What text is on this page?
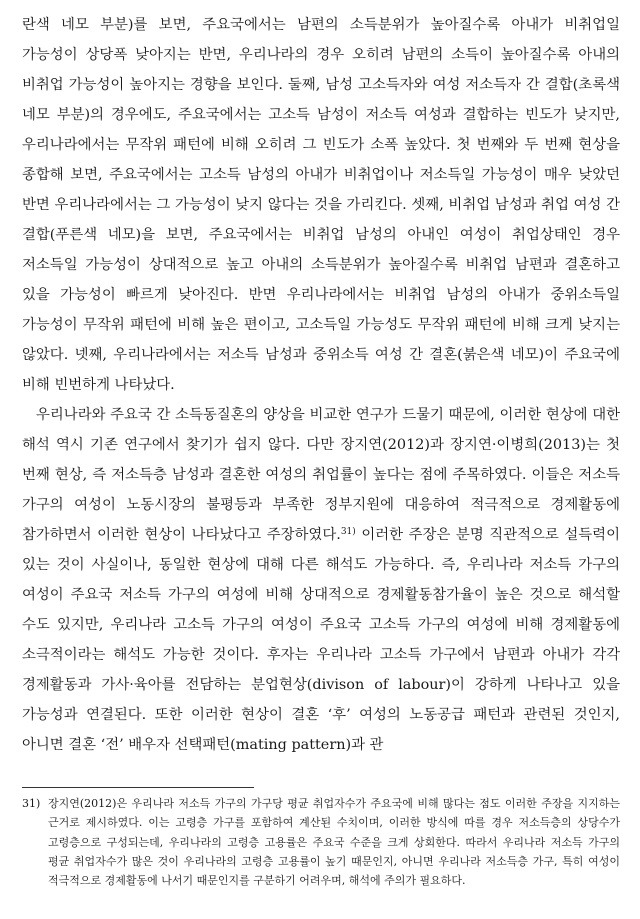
란색 네모 부분)를 보면, 주요국에서는 남편의 소득분위가 높아질수록 아내가 비취업일 가능성이 상당폭 낮아지는 반면, 우리나라의 경우 오히려 남편의 소득이 높아질수록 아내의 비취업 가능성이 높아지는 경향을 보인다. 둘째, 남성 고소득자와 여성 저소득자 간 결합(초록색 네모 부분)의 경우에도, 주요국에서는 고소득 남성이 저소득 여성과 결합하는 빈도가 낮지만, 우리나라에서는 무작위 패턴에 비해 오히려 그 빈도가 소폭 높았다. 첫 번째와 두 번째 현상을 종합해 보면, 주요국에서는 고소득 남성의 아내가 비취업이나 저소득일 가능성이 매우 낮았던 반면 우리나라에서는 그 가능성이 낮지 않다는 것을 가리킨다. 셋째, 비취업 남성과 취업 여성 간 결합(푸른색 네모)을 보면, 주요국에서는 비취업 남성의 아내인 여성이 취업상태인 경우 저소득일 가능성이 상대적으로 높고 아내의 소득분위가 높아질수록 비취업 남편과 결혼하고 있을 가능성이 빠르게 낮아진다. 반면 우리나라에서는 비취업 남성의 아내가 중위소득일 가능성이 무작위 패턴에 비해 높은 편이고, 고소득일 가능성도 무작위 패턴에 비해 크게 낮지는 않았다. 넷째, 우리나라에서는 저소득 남성과 중위소득 여성 간 결혼(붉은색 네모)이 주요국에 비해 빈번하게 나타났다.

우리나라와 주요국 간 소득동질혼의 양상을 비교한 연구가 드물기 때문에, 이러한 현상에 대한 해석 역시 기존 연구에서 찾기가 쉽지 않다. 다만 장지연(2012)과 장지연·이병희(2013)는 첫 번째 현상, 즉 저소득층 남성과 결혼한 여성의 취업률이 높다는 점에 주목하였다. 이들은 저소득 가구의 여성이 노동시장의 불평등과 부족한 정부지원에 대응하여 적극적으로 경제활동에 참가하면서 이러한 현상이 나타났다고 주장하였다.$^{31)}$ 이러한 주장은 분명 직관적으로 설득력이 있는 것이 사실이나, 동일한 현상에 대해 다른 해석도 가능하다. 즉, 우리나라 저소득 가구의 여성이 주요국 저소득 가구의 여성에 비해 상대적으로 경제활동참가율이 높은 것으로 해석할 수도 있지만, 우리나라 고소득 가구의 여성이 주요국 고소득 가구의 여성에 비해 경제활동에 소극적이라는 해석도 가능한 것이다. 후자는 우리나라 고소득 가구에서 남편과 아내가 각각 경제활동과 가사·육아를 전담하는 분업현상(divison of labour)이 강하게 나타나고 있을 가능성과 연결된다. 또한 이러한 현상이 결혼 ‘후’ 여성의 노동공급 패턴과 관련된 것인지, 아니면 결혼 ‘전’ 배우자 선택패턴(mating pattern)과 관

31) 장지연(2012)은 우리나라 저소득 가구의 가구당 평균 취업자수가 주요국에 비해 많다는 점도 이러한 주장을 지지하는 근거로 제시하였다. 이는 고령층 가구를 포함하여 계산된 수치이며, 이러한 방식에 따를 경우 저소득층의 상당수가 고령층으로 구성되는데, 우리나라의 고령층 고용률은 주요국 수준을 크게 상회한다. 따라서 우리나라 저소득 가구의 평균 취업자수가 많은 것이 우리나라의 고령층 고용률이 높기 때문인지, 아니면 우리나라 저소득층 가구, 특히 여성이 적극적으로 경제활동에 나서기 때문인지를 구분하기 어려우며, 해석에 주의가 필요하다.
